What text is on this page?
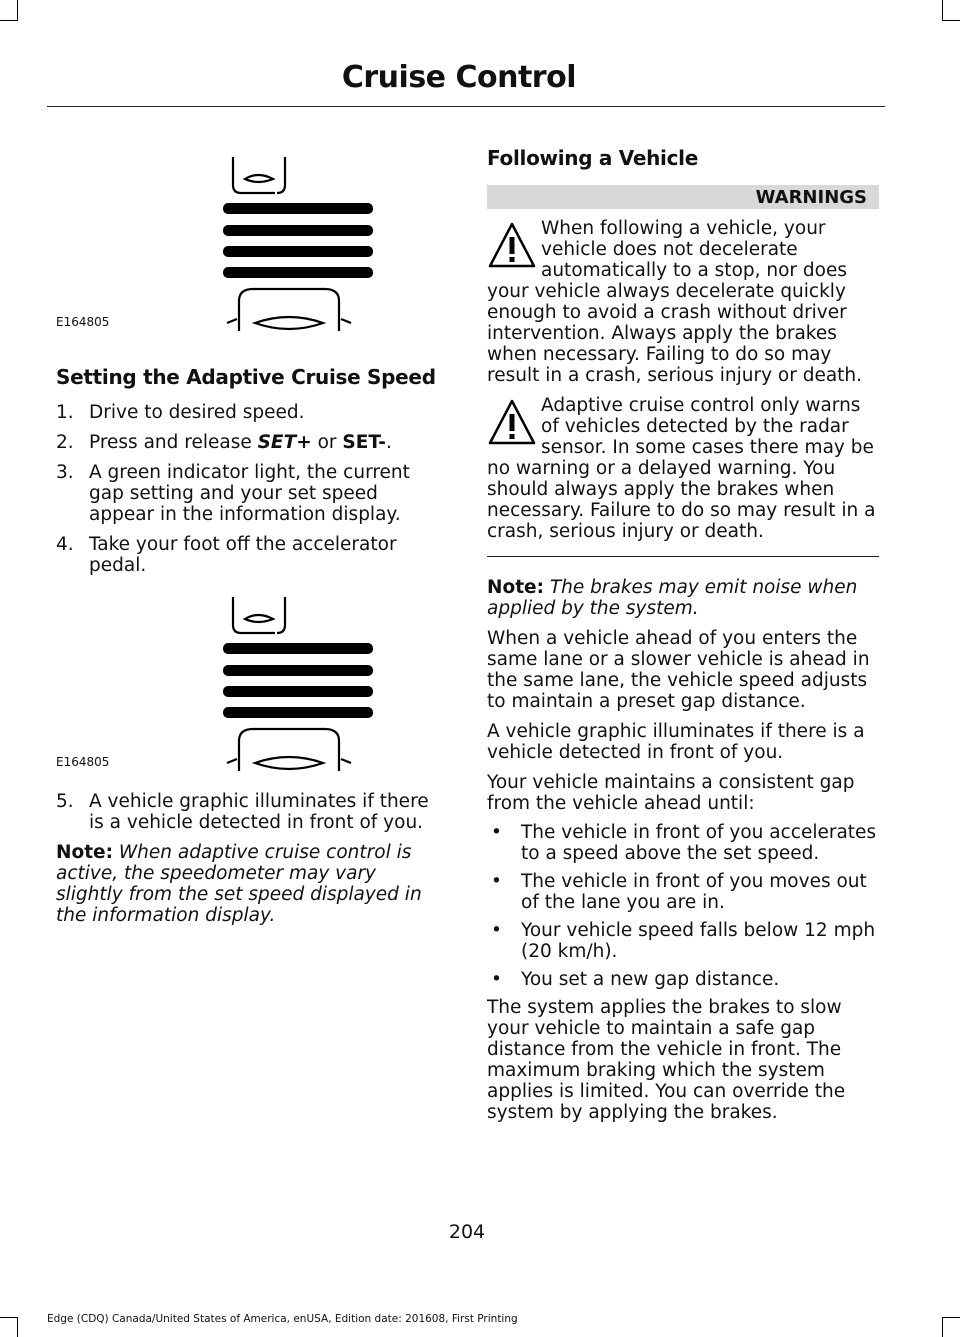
Cruise Control
E164805
Setting the Adaptive Cruise Speed
1. Drive to desired speed.
2. Press and release SET+ or SET-.
3. A green indicator light, the current gap setting and your set speed appear in the information display.
4. Take your foot off the accelerator pedal.
E164805
5. A vehicle graphic illuminates if there is a vehicle detected in front of you.

Note: When adaptive cruise control is active, the speedometer may vary slightly from the set speed displayed in the information display.

Following a Vehicle
WARNINGS

When following a vehicle, your vehicle does not decelerate automatically to a stop, nor does your vehicle always decelerate quickly enough to avoid a crash without driver intervention. Always apply the brakes when necessary. Failing to do so may result in a crash, serious injury or death.

Adaptive cruise control only warns of vehicles detected by the radar sensor. In some cases there may be no warning or a delayed warning. You should always apply the brakes when necessary. Failure to do so may result in a crash, serious injury or death.

Note: The brakes may emit noise when applied by the system.

When a vehicle ahead of you enters the same lane or a slower vehicle is ahead in the same lane, the vehicle speed adjusts to maintain a preset gap distance.

A vehicle graphic illuminates if there is a vehicle detected in front of you.

Your vehicle maintains a consistent gap from the vehicle ahead until:

• The vehicle in front of you accelerates to a speed above the set speed.
• The vehicle in front of you moves out of the lane you are in.
• Your vehicle speed falls below 12 mph (20 km/h).
• You set a new gap distance.

The system applies the brakes to slow your vehicle to maintain a safe gap distance from the vehicle in front. The maximum braking which the system applies is limited. You can override the system by applying the brakes.

204
Edge (CDQ) Canada/United States of America, enUSA, Edition date: 201608, First Printing
